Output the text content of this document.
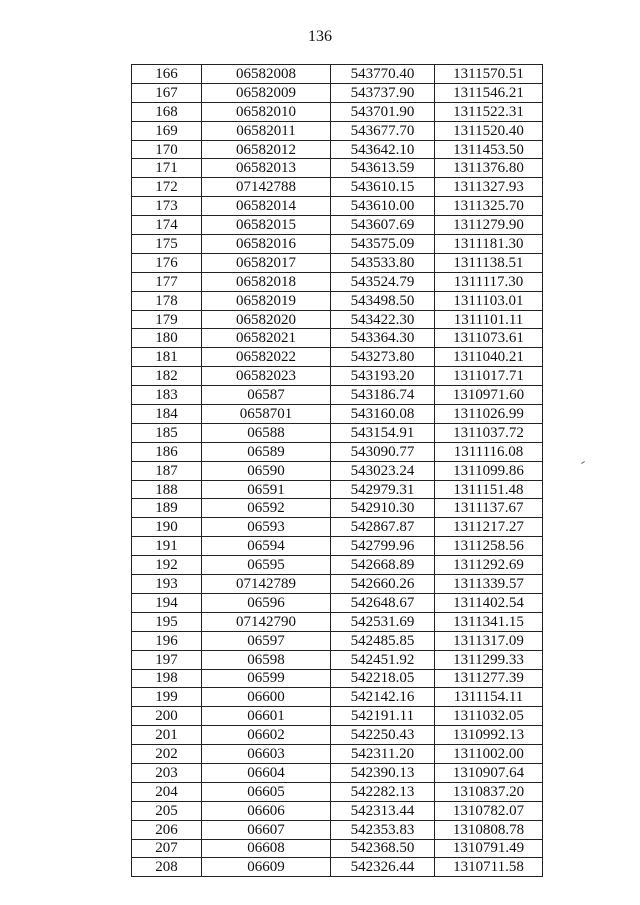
136
166	06582008	543770.40	1311570.51
167	06582009	543737.90	1311546.21
168	06582010	543701.90	1311522.31
169	06582011	543677.70	1311520.40
170	06582012	543642.10	1311453.50
171	06582013	543613.59	1311376.80
172	07142788	543610.15	1311327.93
173	06582014	543610.00	1311325.70
174	06582015	543607.69	1311279.90
175	06582016	543575.09	1311181.30
176	06582017	543533.80	1311138.51
177	06582018	543524.79	1311117.30
178	06582019	543498.50	1311103.01
179	06582020	543422.30	1311101.11
180	06582021	543364.30	1311073.61
181	06582022	543273.80	1311040.21
182	06582023	543193.20	1311017.71
183	06587	543186.74	1310971.60
184	0658701	543160.08	1311026.99
185	06588	543154.91	1311037.72
186	06589	543090.77	1311116.08
187	06590	543023.24	1311099.86
188	06591	542979.31	1311151.48
189	06592	542910.30	1311137.67
190	06593	542867.87	1311217.27
191	06594	542799.96	1311258.56
192	06595	542668.89	1311292.69
193	07142789	542660.26	1311339.57
194	06596	542648.67	1311402.54
195	07142790	542531.69	1311341.15
196	06597	542485.85	1311317.09
197	06598	542451.92	1311299.33
198	06599	542218.05	1311277.39
199	06600	542142.16	1311154.11
200	06601	542191.11	1311032.05
201	06602	542250.43	1310992.13
202	06603	542311.20	1311002.00
203	06604	542390.13	1310907.64
204	06605	542282.13	1310837.20
205	06606	542313.44	1310782.07
206	06607	542353.83	1310808.78
207	06608	542368.50	1310791.49
208	06609	542326.44	1310711.58
